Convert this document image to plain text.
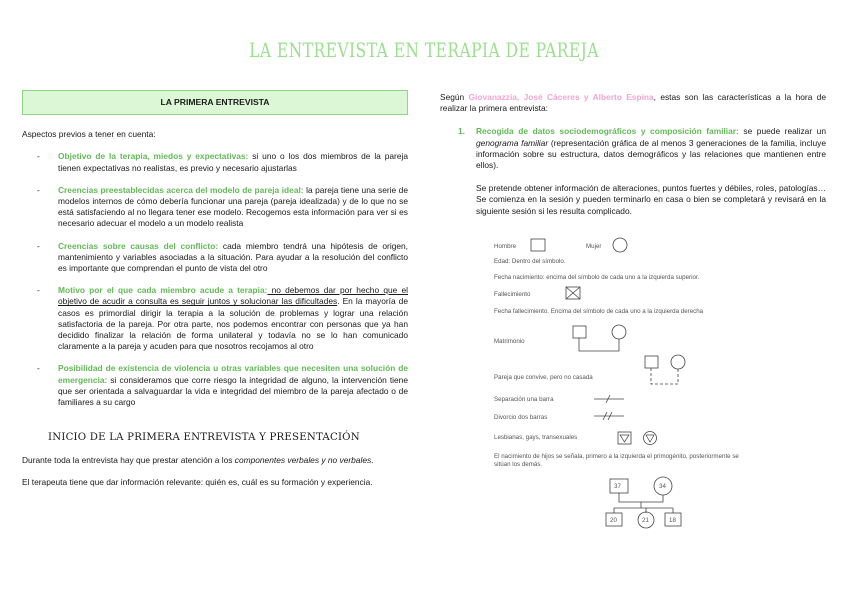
LA ENTREVISTA EN TERAPIA DE PAREJA
LA PRIMERA ENTREVISTA
Aspectos previos a tener en cuenta:
- Objetivo de la terapia, miedos y expectativas: si uno o los dos miembros de la pareja tienen expectativas no realistas, es previo y necesario ajustarlas
- Creencias preestablecidas acerca del modelo de pareja ideal: la pareja tiene una serie de modelos internos de cómo debería funcionar una pareja (pareja idealizada) y de lo que no se está satisfaciendo al no llegara tener ese modelo. Recogemos esta información para ver si es necesario adecuar el modelo a un modelo realista
- Creencias sobre causas del conflicto: cada miembro tendrá una hipótesis de origen, mantenimiento y variables asociadas a la situación. Para ayudar a la resolución del conflicto es importante que comprendan el punto de vista del otro
- Motivo por el que cada miembro acude a terapia: no debemos dar por hecho que el objetivo de acudir a consulta es seguir juntos y solucionar las dificultades. En la mayoría de casos es primordial dirigir la terapia a la solución de problemas y lograr una relación satisfactoria de la pareja. Por otra parte, nos podemos encontrar con personas que ya han decidido finalizar la relación de forma unilateral y todavía no se lo han comunicado claramente a la pareja y acuden para que nosotros recojamos al otro
- Posibilidad de existencia de violencia u otras variables que necesiten una solución de emergencia: si consideramos que corre riesgo la integridad de alguno, la intervención tiene que ser orientada a salvaguardar la vida e integridad del miembro de la pareja afectado o de familiares a su cargo
INICIO DE LA PRIMERA ENTREVISTA Y PRESENTACIÓN
Durante toda la entrevista hay que prestar atención a los componentes verbales y no verbales.
El terapeuta tiene que dar información relevante: quién es, cuál es su formación y experiencia.
Según Giovanazzia, José Cáceres y Alberto Espina, estas son las características a la hora de realizar la primera entrevista:
1. Recogida de datos sociodemográficos y composición familiar: se puede realizar un genograma familiar (representación gráfica de al menos 3 generaciones de la familia, incluye información sobre su estructura, datos demográficos y las relaciones que mantienen entre ellos).
Se pretende obtener información de alteraciones, puntos fuertes y débiles, roles, patologías… Se comienza en la sesión y pueden terminarlo en casa o bien se completará y revisará en la siguiente sesión si les resulta complicado.
Hombre	Mujer
Edad: Dentro del símbolo.
Fecha nacimiento: encima del símbolo de cada uno a la izquierda superior.
Fallecimiento
Fecha fallecimiento. Encima del símbolo de cada uno a la izquierda derecha
Matrimonio
Pareja que convive, pero no casada
Separación una barra
Divorcio dos barras
Lesbianas, gays, transexuales
El nacimiento de hijos se señala, primero a la izquierda el primogénito, posteriormente se sitúan los demás.
37	34
20	21	18
